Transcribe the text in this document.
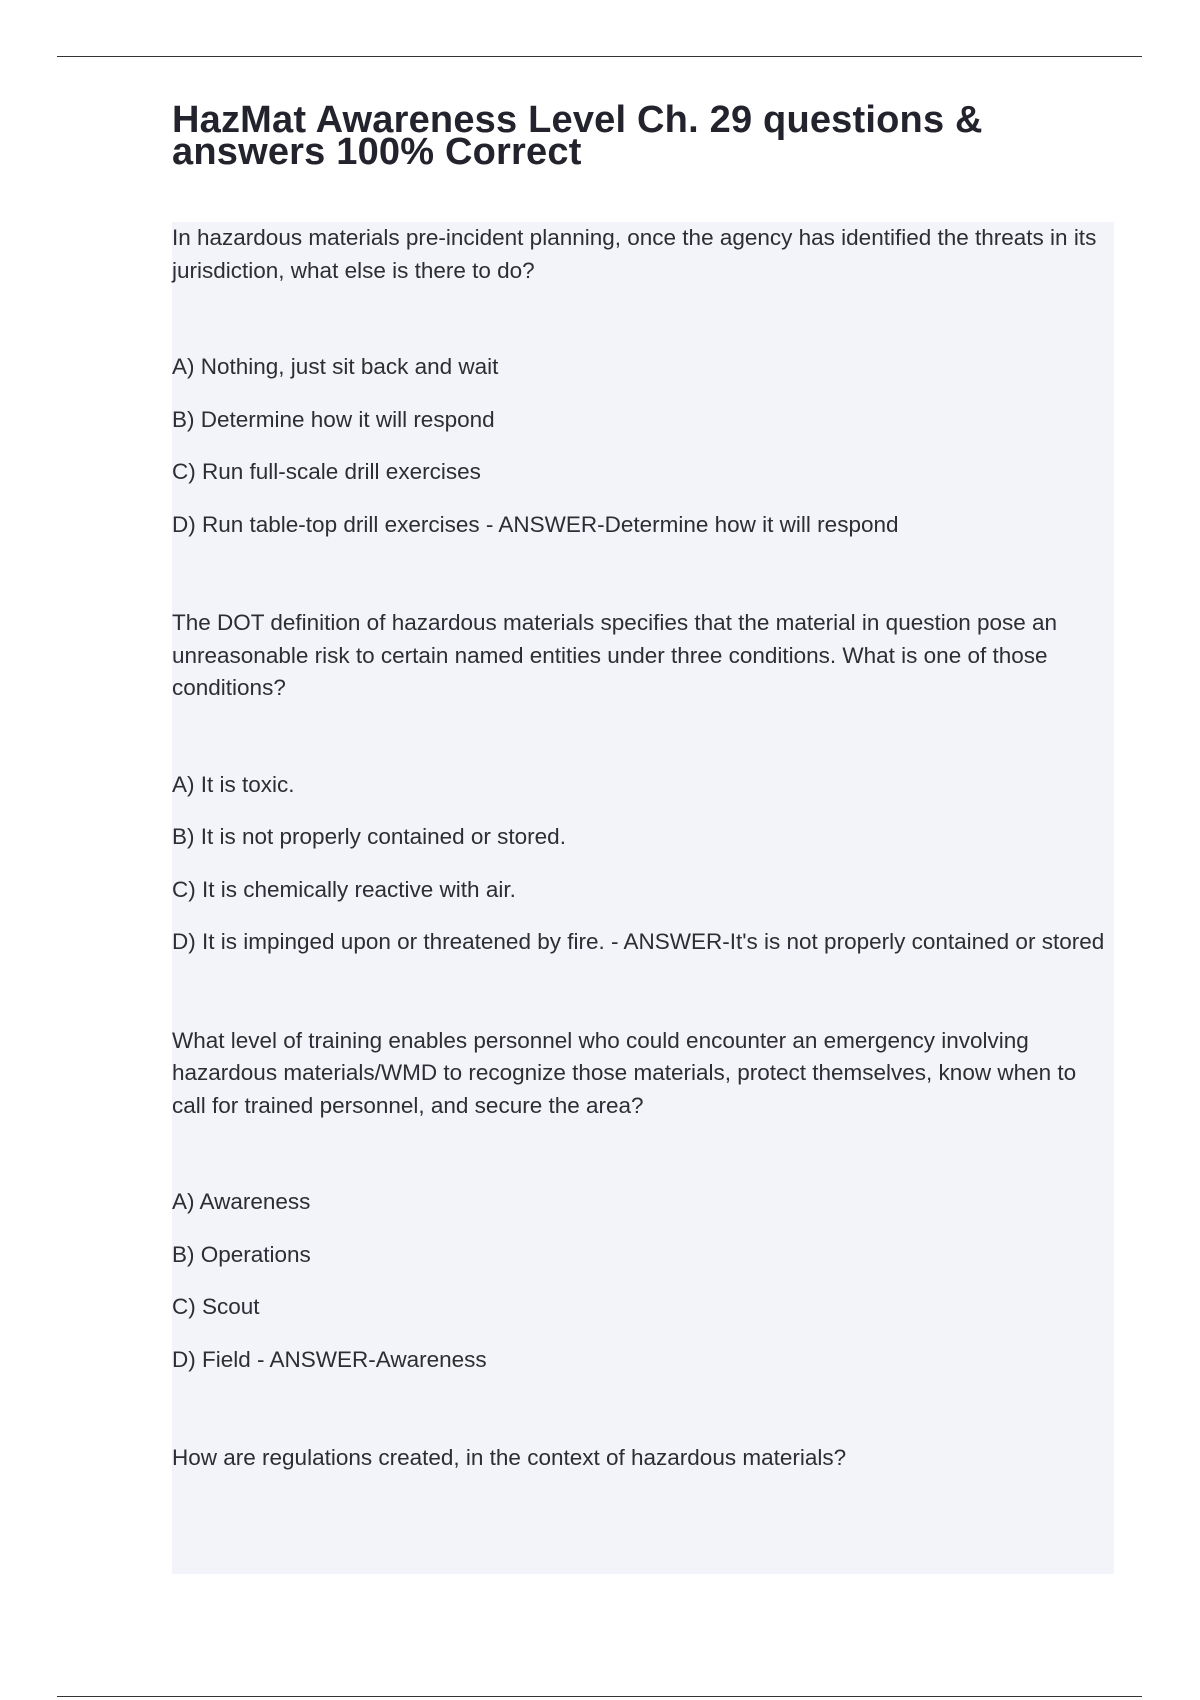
HazMat Awareness Level Ch. 29 questions & answers 100% Correct

In hazardous materials pre-incident planning, once the agency has identified the threats in its jurisdiction, what else is there to do?

A) Nothing, just sit back and wait

B) Determine how it will respond

C) Run full-scale drill exercises

D) Run table-top drill exercises - ANSWER-Determine how it will respond

The DOT definition of hazardous materials specifies that the material in question pose an unreasonable risk to certain named entities under three conditions. What is one of those conditions?

A) It is toxic.

B) It is not properly contained or stored.

C) It is chemically reactive with air.

D) It is impinged upon or threatened by fire. - ANSWER-It's is not properly contained or stored

What level of training enables personnel who could encounter an emergency involving hazardous materials/WMD to recognize those materials, protect themselves, know when to call for trained personnel, and secure the area?

A) Awareness

B) Operations

C) Scout

D) Field - ANSWER-Awareness

How are regulations created, in the context of hazardous materials?
